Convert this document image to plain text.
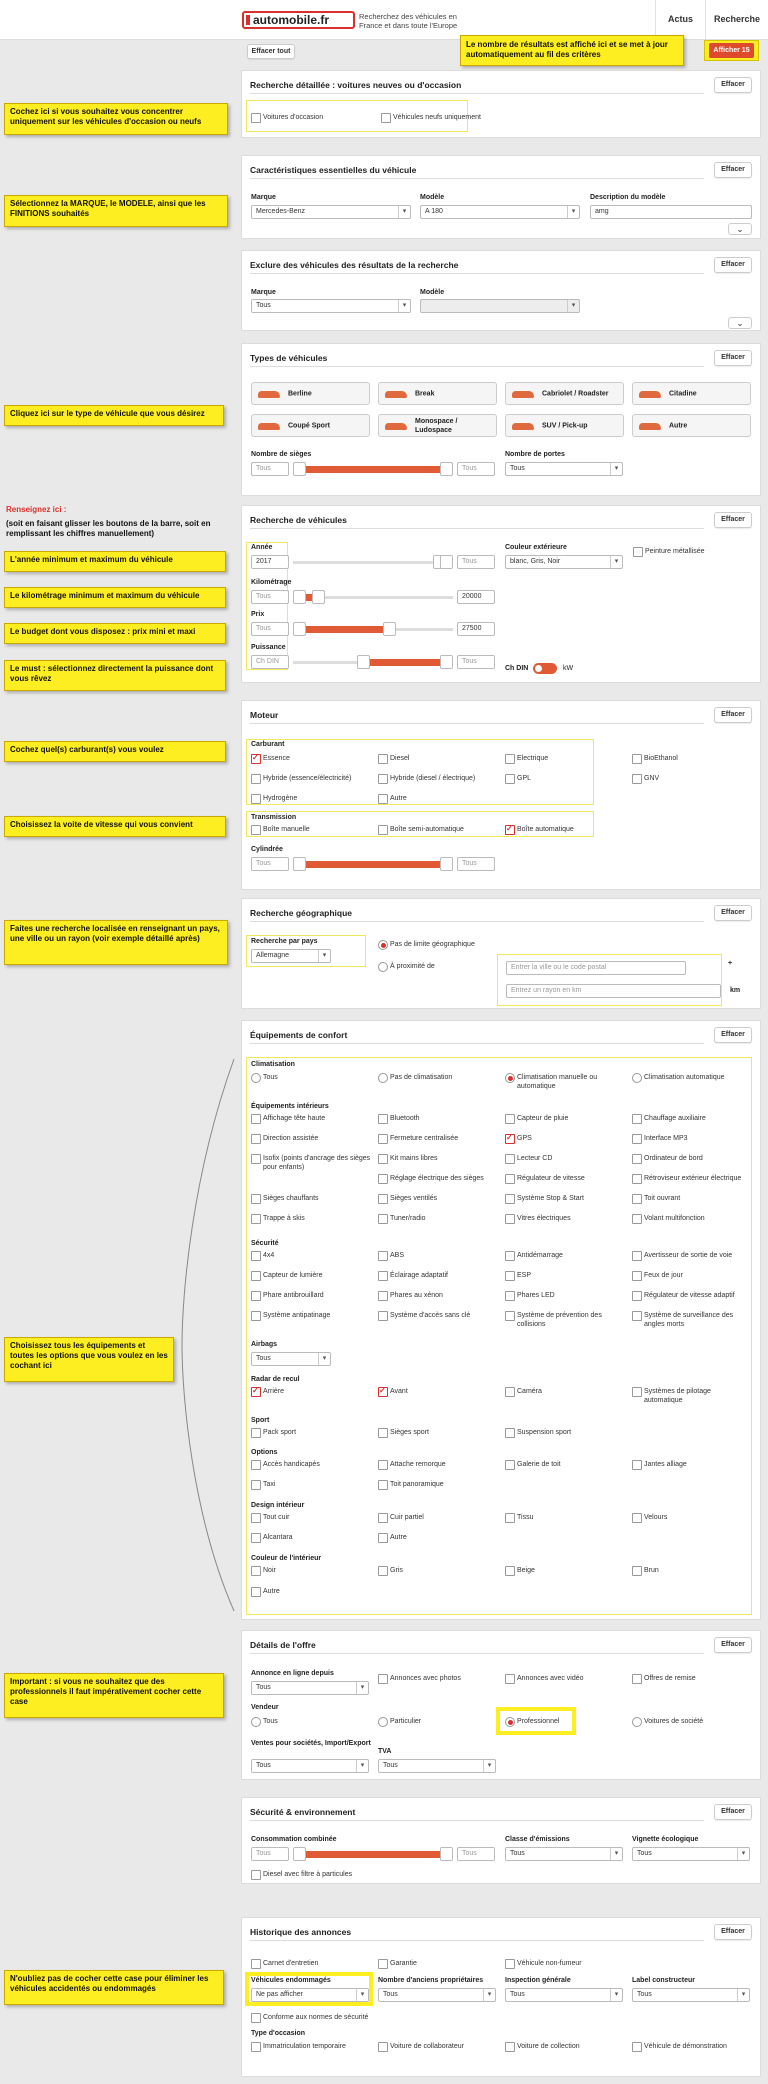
automobile.fr	Recherchez des véhicules en France et dans toute l'Europe
Actus	Recherche
Effacer tout
Le nombre de résultats est affiché ici et se met à jour automatiquement au fil des critères	Afficher 15
Cochez ici si vous souhaitez vous concentrer uniquement sur les véhicules d'occasion ou neufs
Sélectionnez la MARQUE, le MODELE, ainsi que les FINITIONS souhaités
Cliquez ici sur le type de véhicule que vous désirez
Renseignez ici :
(soit en faisant glisser les boutons de la barre, soit en remplissant les chiffres manuellement)
L'année minimum et maximum du véhicule
Le kilométrage minimum et maximum du véhicule
Le budget dont vous disposez : prix mini et maxi
Le must : sélectionnez directement la puissance dont vous rêvez
Cochez quel(s) carburant(s) vous voulez
Choisissez la voite de vitesse qui vous convient
Faites une recherche localisée en renseignant un pays, une ville ou un rayon (voir exemple détaillé après)
Choisissez tous les équipements et toutes les options que vous voulez en les cochant ici
Important : si vous ne souhaitez que des professionnels il faut impérativement cocher cette case
N'oubliez pas de cocher cette case pour éliminer les véhicules accidentés ou endommagés
Recherche détaillée : voitures neuves ou d'occasion	Effacer
Voitures d'occasion	Véhicules neufs uniquement
Caractéristiques essentielles du véhicule	Effacer
Marque
Mercedes-Benz ▾
Modèle
A 180 ▾
Description du modèle
amg
⌄
Exclure des véhicules des résultats de la recherche	Effacer
Marque
Tous ▾
Modèle
▾
⌄
Types de véhicules	Effacer
Berline	Break	Cabriolet / Roadster	Citadine
Coupé Sport
Monospace / Ludospace
SUV / Pick-up	Autre
Nombre de sièges
Tous	Tous
Nombre de portes
Tous ▾
Recherche de véhicules	Effacer
Année
2017	Tous
Kilométrage
Tous	20000
Prix
Tous	27500
Puissance
Ch DIN	Tous
Couleur extérieure
blanc, Gris, Noir ▾
Peinture métallisée
Ch DIN	kW
Moteur	Effacer
Carburant
Essence ✓	Diesel	Electrique	BioEthanol
Hybride (essence/électricité)	Hybride (diesel / électrique)	GPL	GNV
Hydrogène	Autre
Transmission
Boîte manuelle	Boîte semi-automatique	Boîte automatique ✓
Cylindrée
Tous	Tous
Recherche géographique	Effacer
Recherche par pays
Allemagne ▾
Pas de limite géographique
À proximité de	Entrer la ville ou le code postal
+
Entrez un rayon en km	km
Équipements de confort	Effacer
Climatisation
Tous	Pas de climatisation	Climatisation manuelle ou automatique
Climatisation automatique
Équipements intérieurs
Affichage tête haute	Bluetooth	Capteur de pluie	Chauffage auxiliaire
Direction assistée	Fermeture centralisée	GPS ✓	Interface MP3
Isofix (points d'ancrage des sièges pour enfants)
Kit mains libres	Lecteur CD	Ordinateur de bord
Réglage électrique des sièges	Régulateur de vitesse	Rétroviseur extérieur électrique
Sièges chauffants	Sièges ventilés	Système Stop & Start	Toit ouvrant
Trappe à skis	Tuner/radio	Vitres électriques	Volant multifonction
Sécurité
4x4	ABS	Antidémarrage	Avertisseur de sortie de voie
Capteur de lumière	Éclairage adaptatif	ESP	Feux de jour
Phare antibrouillard	Phares au xénon	Phares LED	Régulateur de vitesse adaptif
Système antipatinage	Système d'accès sans clé	Système de prévention des collisions
Système de surveillance des angles morts
Airbags
Tous ▾
Radar de recul
Arrière ✓	Avant ✓	Caméra	Systèmes de pilotage automatique
Sport
Pack sport	Sièges sport	Suspension sport
Options
Accès handicapés	Attache remorque	Galerie de toit	Jantes alliage
Taxi	Toit panoramique
Design intérieur
Tout cuir	Cuir partiel	Tissu	Velours
Alcantara	Autre
Couleur de l'intérieur
Noir	Gris	Beige	Brun
Autre
Détails de l'offre	Effacer
Annonce en ligne depuis
Tous ▾
Annonces avec photos	Annonces avec vidéo	Offres de remise
Vendeur
Tous	Particulier	Professionnel	Voitures de société
Ventes pour sociétés, Import/Export
Tous ▾
TVA
Tous ▾
Sécurité & environnement	Effacer
Consommation combinée
Tous	Tous
Classe d'émissions
Tous ▾
Vignette écologique
Tous ▾
Diesel avec filtre à particules
Historique des annonces	Effacer
Carnet d'entretien	Garantie	Véhicule non-fumeur
Véhicules endommagés
Ne pas afficher ▾
Nombre d'anciens propriétaires
Tous ▾
Inspection générale
Tous ▾
Label constructeur
Tous ▾
Conforme aux normes de sécurité
Type d'occasion
Immatriculation temporaire	Voiture de collaborateur	Voiture de collection	Véhicule de démonstration
